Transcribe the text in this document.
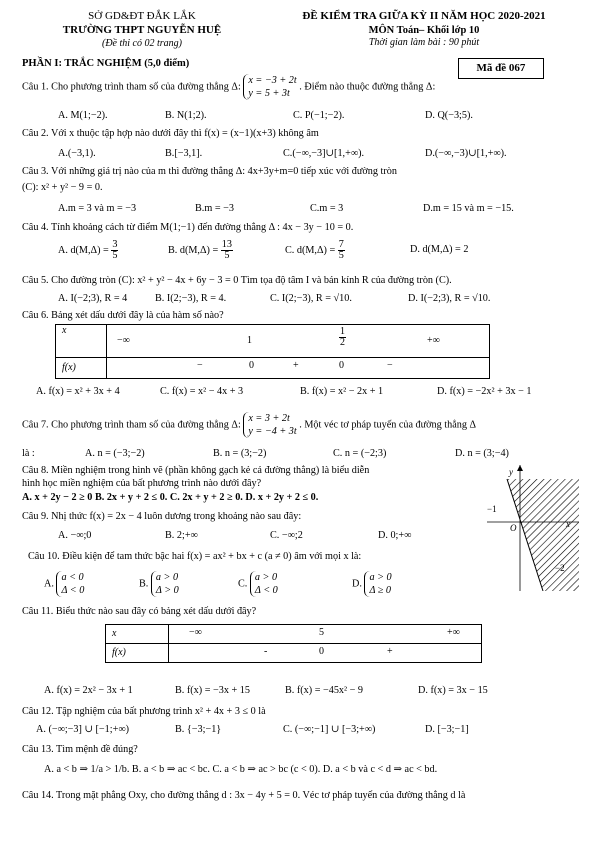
SỞ GD&ĐT ĐẮK LẮK
TRƯỜNG THPT NGUYỄN HUỆ
(Đề thi có 02 trang)
ĐỀ KIỂM TRA GIỮA KỲ II NĂM HỌC 2020-2021
MÔN Toán– Khối lớp 10
Thời gian làm bài : 90 phút
PHẦN I: TRẮC NGHIỆM (5,0 điểm)	Mã đề 067
Câu 1. Cho phương trình tham số của đường thẳng Δ: x = −3 + 2t
y = 5 + 3t . Điểm nào thuộc đường thẳng Δ:
A. M(1;−2).	B. N(1;2).	C. P(−1;−2).	D. Q(−3;5).
Câu 2. Với x thuộc tập hợp nào dưới đây thì f(x) = (x−1)(x+3) không âm
A.(−3,1).	B.[−3,1].	C.(−∞,−3]∪[1,+∞).	D.(−∞,−3)∪[1,+∞).
Câu 3. Với những giá trị nào của m thì đường thẳng Δ: 4x+3y+m=0 tiếp xúc với đường tròn
(C): x² + y² − 9 = 0.
A.m = 3 và m = −3	B.m = −3	C.m = 3	D.m = 15 và m = −15.
Câu 4. Tính khoảng cách từ điểm M(1;−1) đến đường thẳng Δ : 4x − 3y − 10 = 0.
A. $d(M,\Delta) = \frac{3}{5}$	B. $d(M,\Delta) = \frac{13}{5}$	C. $d(M,\Delta) = \frac{7}{5}$	D. d(M,Δ) = 2
Câu 5. Cho đường tròn (C): x² + y² − 4x + 6y − 3 = 0 Tìm tọa độ tâm I và bán kính R của đường tròn (C).
A. I(−2;3), R = 4	B. I(2;−3), R = 4.	C. I(2;−3), R = √10.	D. I(−2;3), R = √10.
Câu 6. Bảng xét dấu dưới đây là của hàm số nào?
x	−∞ $1 \frac{1}{2}$ +∞

f(x)	− 0 + 0 −
A. f(x) = x² + 3x + 4	C. f(x) = x² − 4x + 3	B. f(x) = x² − 2x + 1	D. f(x) = −2x² + 3x − 1
Câu 7. Cho phương trình tham số của đường thẳng Δ: x = 3 + 2t
y = −4 + 3t . Một véc tơ pháp tuyến của đường thẳng Δ
là :	A. n = (−3;−2)	B. n = (3;−2)	C. n = (−2;3)	D. n = (3;−4)
Câu 8. Miền nghiệm trong hình vẽ (phần không gạch kẻ cả đường thẳng) là biểu diễn
hình học miền nghiệm của bất phương trình nào dưới đây?
A. x + 2y − 2 ≥ 0 B. 2x + y + 2 ≤ 0. C. 2x + y + 2 ≥ 0. D. x + 2y + 2 ≤ 0.
y
x
O
−1
−2
Câu 9. Nhị thức f(x) = 2x − 4 luôn dương trong khoảng nào sau đây:
A. −∞;0	B. 2;+∞	C. −∞;2	D. 0;+∞
Câu 10. Điều kiện để tam thức bậc hai f(x) = ax² + bx + c (a ≠ 0) âm với mọi x là:
A. a < 0
Δ < 0
B. a > 0
Δ > 0
C. a > 0
Δ < 0
D. a > 0
Δ ≥ 0
Câu 11. Biểu thức nào sau đây có bảng xét dấu dưới đây?
x	−∞ 5 +∞

f(x)	- 0 +
A. f(x) = 2x² − 3x + 1	B. f(x) = −3x + 15	B. f(x) = −45x² − 9	D. f(x) = 3x − 15
Câu 12. Tập nghiệm của bất phương trình x² + 4x + 3 ≤ 0 là
A. (−∞;−3] ∪ [−1;+∞)	B. {−3;−1}	C. (−∞;−1] ∪ [−3;+∞)	D. [−3;−1]
Câu 13. Tìm mệnh đề đúng?
A. a < b ⇒ 1/a > 1/b. B. a < b ⇒ ac < bc. C. a < b ⇒ ac > bc (c < 0). D. a < b và c < d ⇒ ac < bd.
Câu 14. Trong mặt phẳng Oxy, cho đường thẳng d : 3x − 4y + 5 = 0. Véc tơ pháp tuyến của đường thẳng d là
